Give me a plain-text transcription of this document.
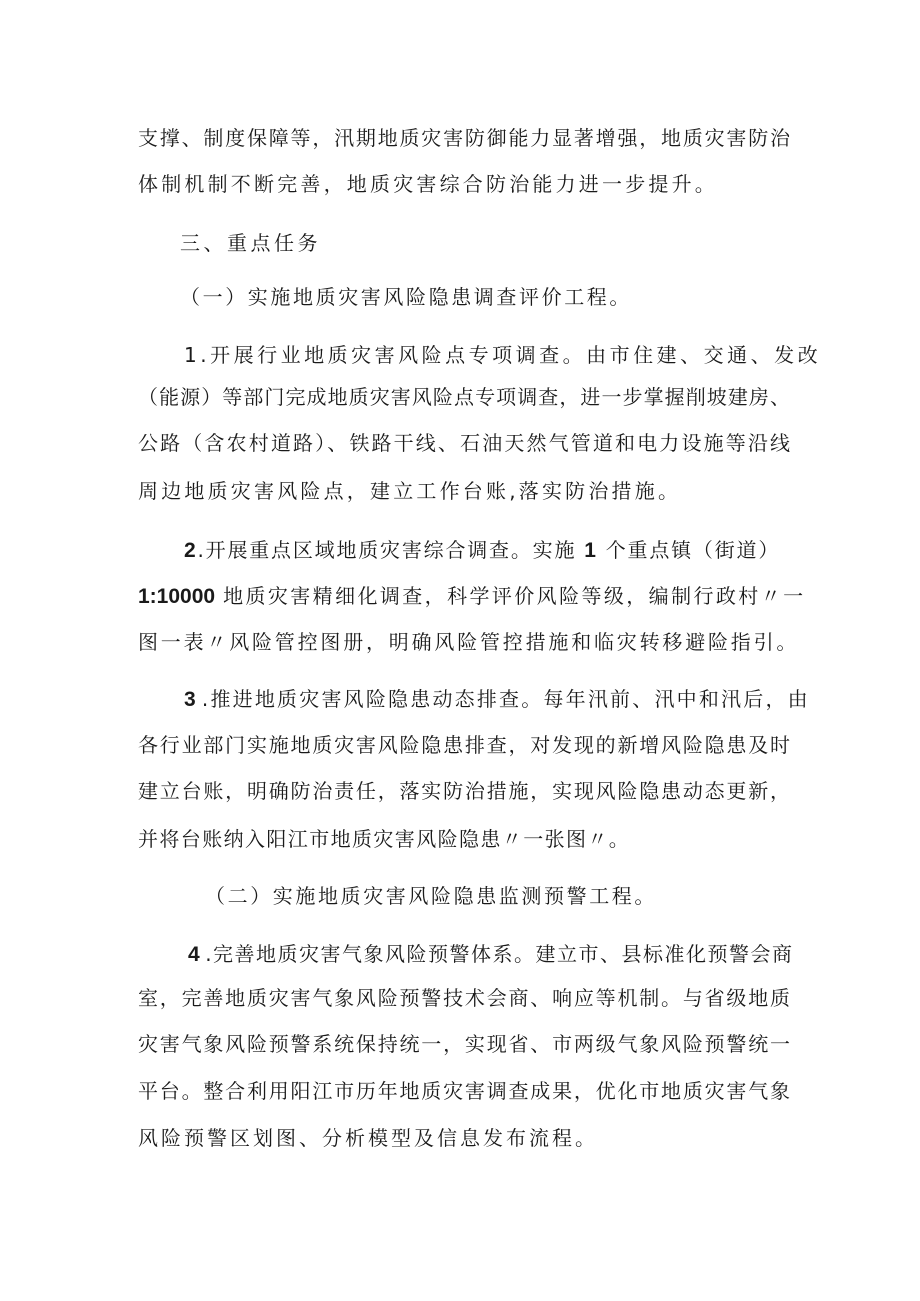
支撑、制度保障等，汛期地质灾害防御能力显著增强，地质灾害防治
体制机制不断完善，地质灾害综合防治能力进一步提升。
三、重点任务
（一）实施地质灾害风险隐患调查评价工程。
1.开展行业地质灾害风险点专项调查。由市住建、交通、发改
（能源）等部门完成地质灾害风险点专项调查，进一步掌握削坡建房、
公路（含农村道路）、铁路干线、石油天然气管道和电力设施等沿线
周边地质灾害风险点，建立工作台账,落实防治措施。
2.开展重点区域地质灾害综合调查。实施 1 个重点镇（街道）
1:10000 地质灾害精细化调查，科学评价风险等级，编制行政村〃一
图一表〃风险管控图册，明确风险管控措施和临灾转移避险指引。
3 .推进地质灾害风险隐患动态排查。每年汛前、汛中和汛后，由
各行业部门实施地质灾害风险隐患排查，对发现的新增风险隐患及时
建立台账，明确防治责任，落实防治措施，实现风险隐患动态更新，
并将台账纳入阳江市地质灾害风险隐患〃一张图〃。
（二）实施地质灾害风险隐患监测预警工程。
4 .完善地质灾害气象风险预警体系。建立市、县标准化预警会商
室，完善地质灾害气象风险预警技术会商、响应等机制。与省级地质
灾害气象风险预警系统保持统一，实现省、市两级气象风险预警统一
平台。整合利用阳江市历年地质灾害调查成果，优化市地质灾害气象
风险预警区划图、分析模型及信息发布流程。
